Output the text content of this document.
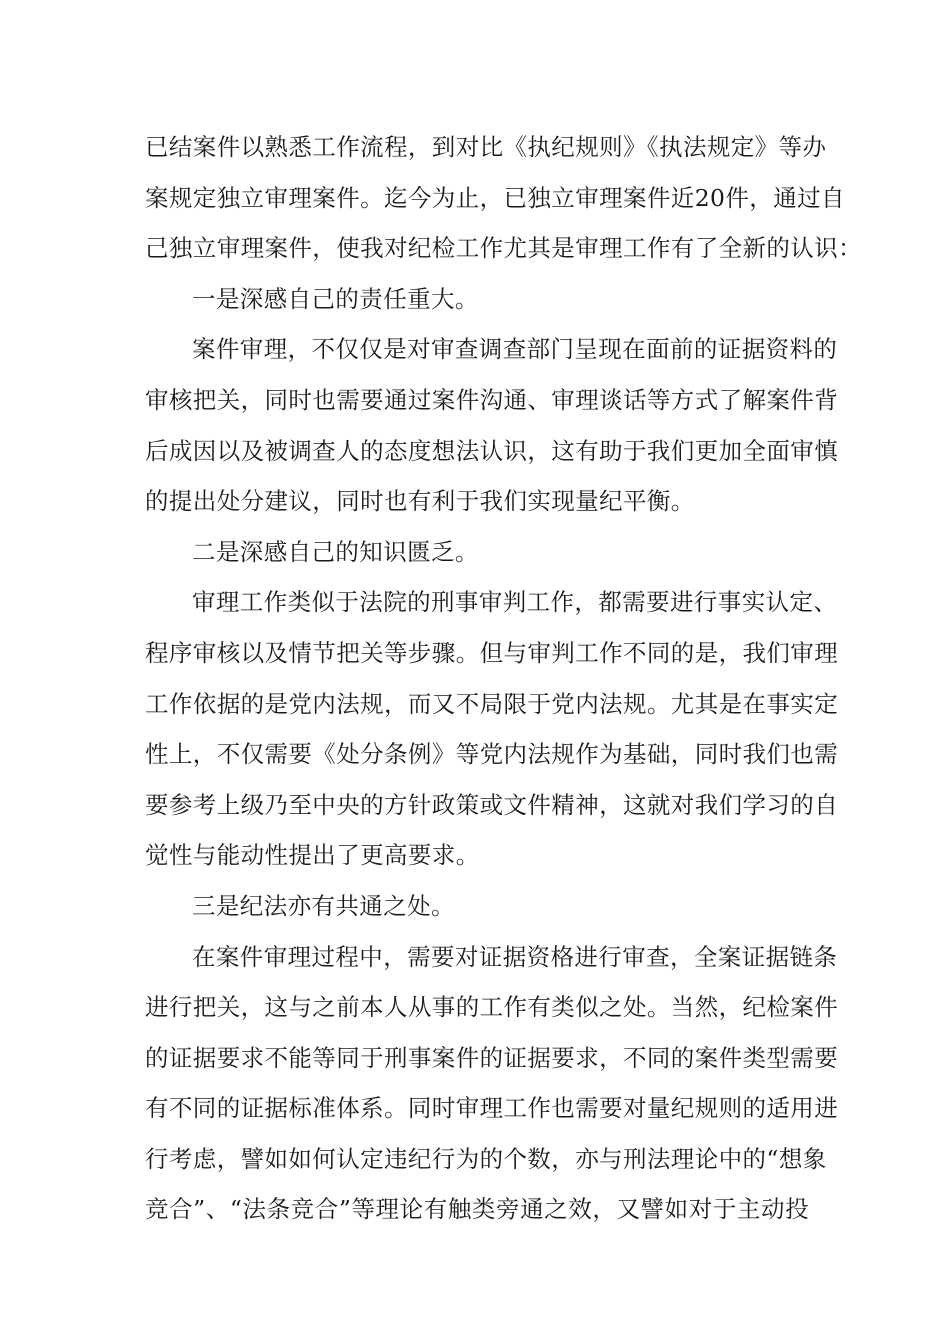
已结案件以熟悉工作流程，到对比《执纪规则》《执法规定》等办
案规定独立审理案件。迄今为止，已独立审理案件近20件，通过自
己独立审理案件，使我对纪检工作尤其是审理工作有了全新的认识：
一是深感自己的责任重大。
案件审理，不仅仅是对审查调查部门呈现在面前的证据资料的
审核把关，同时也需要通过案件沟通、审理谈话等方式了解案件背
后成因以及被调查人的态度想法认识，这有助于我们更加全面审慎
的提出处分建议，同时也有利于我们实现量纪平衡。
二是深感自己的知识匮乏。
审理工作类似于法院的刑事审判工作，都需要进行事实认定、
程序审核以及情节把关等步骤。但与审判工作不同的是，我们审理
工作依据的是党内法规，而又不局限于党内法规。尤其是在事实定
性上，不仅需要《处分条例》等党内法规作为基础，同时我们也需
要参考上级乃至中央的方针政策或文件精神，这就对我们学习的自
觉性与能动性提出了更高要求。
三是纪法亦有共通之处。
在案件审理过程中，需要对证据资格进行审查，全案证据链条
进行把关，这与之前本人从事的工作有类似之处。当然，纪检案件
的证据要求不能等同于刑事案件的证据要求，不同的案件类型需要
有不同的证据标准体系。同时审理工作也需要对量纪规则的适用进
行考虑，譬如如何认定违纪行为的个数，亦与刑法理论中的“想象
竞合”、“法条竞合”等理论有触类旁通之效，又譬如对于主动投
